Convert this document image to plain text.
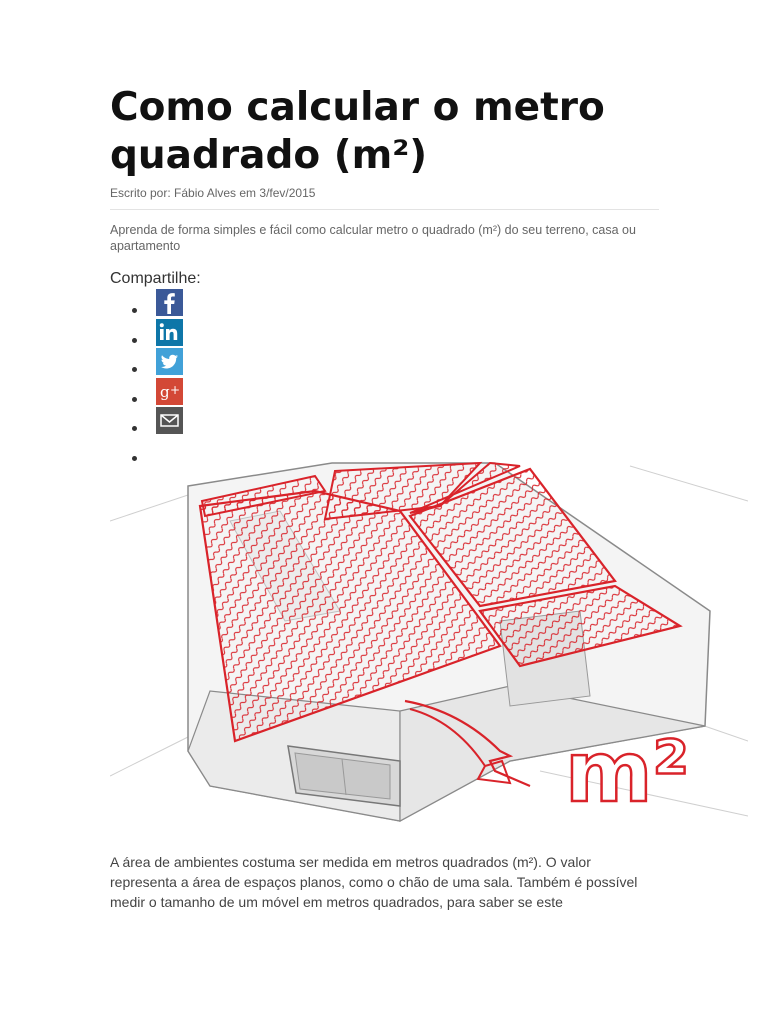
Como calcular o metro quadrado (m²)
Escrito por: Fábio Alves em 3/fev/2015

Aprenda de forma simples e fácil como calcular metro o quadrado (m²) do seu terreno, casa ou apartamento

Compartilhe:
g +
m²

A área de ambientes costuma ser medida em metros quadrados (m²). O valor representa a área de espaços planos, como o chão de uma sala. Também é possível medir o tamanho de um móvel em metros quadrados, para saber se este
